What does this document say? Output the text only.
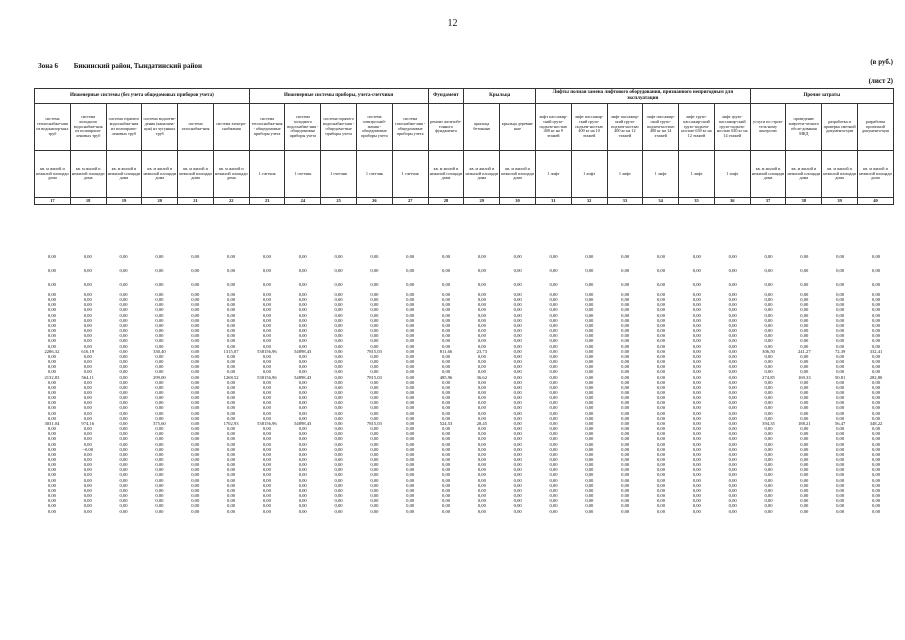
12
(в руб.)
(лист 2)
Зона 6 Бикинский район, Тындатинский район
Инженерные системы (без учета общедомовых приборов учета)						Инженерные системы приборы, учета-счетчики					Фундамент	Крыльца		Лифты полная замена лифтового оборудования, признанного непригодным для эксплуатации						Прочие затраты			
система теплоснабже-ния из водонапор-ных труб	система холодного водоснабже-ния из полипропи-леновых труб	система горячего водоснабже-ния из полипропи-леновых труб	система водоотве-дения (канализа-ция) из чугунных труб	система газоснабже-ния	система электро-снабжения	система теплоснабже-ния - общедомовые приборы учета	система холодного водоснабже-ния - общедомовые приборы учета	система горячего водоснабже-ния - общедомо-вые приборы учета	система электроснаб-жения - общедомовые приборы учета	система газоснабже-ния - общедомовые приборы учета	ремонт железобе-тонного фундамента	крыльца бетонные	крыльца деревян-ные	лифт пассажир-ский грузо-подъем-ностью 400 кг на 9 этажей	лифт пассажир-ский грузо-подъем-ностью 400 кг на 10 этажей	лифт пассажир-ский грузо-подъем-ностью 400 кг на 12 этажей	лифт пассажир-ский грузо-подъем-ностью 400 кг на 14 этажей	лифт грузо-пассажир-ский грузо-подъем-ностью 630 кг на 12 этажей	лифт грузо-пассажир-ский грузо-подъем-ностью 630 кг на 14 этажей	услуги по строи-тель-ному контролю	проведение энергети-ческого обсле-дования МКД	разработка и проверка сметной документа-ции	разработка проектной документа-ции
кв. м жилой и нежилой площади дома	кв. м жилой и нежилой площади дома	кв. м жилой и нежилой площади дома	кв. м жилой и нежилой площади дома	кв. м жилой и нежилой площади дома	кв. м жилой и нежилой площади дома	1 счетчик	1 счетчик	1 счетчик	1 счетчик	1 счетчик	кв. м жилой и нежилой площади дома	кв. м жилой и нежилой площади дома	кв. м жилой и нежилой площади дома	1 лифт	1 лифт	1 лифт	1 лифт	1 лифт	1 лифт	кв. м жилой и нежилой площади дома	кв. м жилой и нежилой площади дома	кв. м жилой и нежилой площади дома	кв. м жилой и нежилой площади дома
17	18	19	20	21	22	23	24	25	26	27	28	29	30	31	32	33	34	35	36	37	38	39	40
0,00	0,00	0,00	0,00	0,00	0,00	0,00	0,00	0,00	0,00	0,00	0,00	0,00	0,00	0,00	0,00	0,00	0,00	0,00	0,00	0,00	0,00	0,00	0,00
0,00	0,00	0,00	0,00	0,00	0,00	0,00	0,00	0,00	0,00	0,00	0,00	0,00	0,00	0,00	0,00	0,00	0,00	0,00	0,00	0,00	0,00	0,00	0,00
0,00	0,00	0,00	0,00	0,00	0,00	0,00	0,00	0,00	0,00	0,00	0,00	0,00	0,00	0,00	0,00	0,00	0,00	0,00	0,00	0,00	0,00	0,00	0,00
0,00	0,00	0,00	0,00	0,00	0,00	0,00	0,00	0,00	0,00	0,00	0,00	0,00	0,00	0,00	0,00	0,00	0,00	0,00	0,00	0,00	0,00	0,00	0,00
0,00	0,00	0,00	0,00	0,00	0,00	0,00	0,00	0,00	0,00	0,00	0,00	0,00	0,00	0,00	0,00	0,00	0,00	0,00	0,00	0,00	0,00	0,00	0,00
0,00	0,00	0,00	0,00	0,00	0,00	0,00	0,00	0,00	0,00	0,00	0,00	0,00	0,00	0,00	0,00	0,00	0,00	0,00	0,00	0,00	0,00	0,00	0,00
0,00	0,00	0,00	0,00	0,00	0,00	0,00	0,00	0,00	0,00	0,00	0,00	0,00	0,00	0,00	0,00	0,00	0,00	0,00	0,00	0,00	0,00	0,00	0,00
0,00	0,00	0,00	0,00	0,00	0,00	0,00	0,00	0,00	0,00	0,00	0,00	0,00	0,00	0,00	0,00	0,00	0,00	0,00	0,00	0,00	0,00	0,00	0,00
0,00	0,00	0,00	0,00	0,00	0,00	0,00	0,00	0,00	0,00	0,00	0,00	0,00	0,00	0,00	0,00	0,00	0,00	0,00	0,00	0,00	0,00	0,00	0,00
0,00	0,00	0,00	0,00	0,00	0,00	0,00	0,00	0,00	0,00	0,00	0,00	0,00	0,00	0,00	0,00	0,00	0,00	0,00	0,00	0,00	0,00	0,00	0,00
0,00	0,00	0,00	0,00	0,00	0,00	0,00	0,00	0,00	0,00	0,00	0,00	0,00	0,00	0,00	0,00	0,00	0,00	0,00	0,00	0,00	0,00	0,00	0,00
0,00	0,00	0,00	0,00	0,00	0,00	0,00	0,00	0,00	0,00	0,00	0,00	0,00	0,00	0,00	0,00	0,00	0,00	0,00	0,00	0,00	0,00	0,00	0,00
0,00	0,00	0,00	0,00	0,00	0,00	0,00	0,00	0,00	0,00	0,00	0,00	0,00	0,00	0,00	0,00	0,00	0,00	0,00	0,00	0,00	0,00	0,00	0,00
0,00	0,00	0,00	0,00	0,00	0,00	0,00	0,00	0,00	0,00	0,00	0,00	0,00	0,00	0,00	0,00	0,00	0,00	0,00	0,00	0,00	0,00	0,00	0,00
2286,32	616,19	0,00	330,40	0,00	1315,07	538156,96	54898,43	0,00	7815,03	0,00	811,66	23,73	0,00	0,00	0,00	0,00	0,00	0,00	0,00	306,50	241,27	72,39	332,41
0,00	0,00	0,00	0,00	0,00	0,00	0,00	0,00	0,00	0,00	0,00	0,00	0,00	0,00	0,00	0,00	0,00	0,00	0,00	0,00	0,00	0,00	0,00	0,00
0,00	0,00	0,00	0,00	0,00	0,00	0,00	0,00	0,00	0,00	0,00	0,00	0,00	0,00	0,00	0,00	0,00	0,00	0,00	0,00	0,00	0,00	0,00	0,00
0,00	0,00	0,00	0,00	0,00	0,00	0,00	0,00	0,00	0,00	0,00	0,00	0,00	0,00	0,00	0,00	0,00	0,00	0,00	0,00	0,00	0,00	0,00	0,00
0,00	0,00	0,00	0,00	0,00	0,00	0,00	0,00	0,00	0,00	0,00	0,00	0,00	0,00	0,00	0,00	0,00	0,00	0,00	0,00	0,00	0,00	0,00	0,00
2132,83	564,11	0,00	299,00	0,00	1268,52	538156,96	54898,43	0,00	7815,03	0,00	485,96	36,62	0,00	0,00	0,00	0,00	0,00	0,00	0,00	274,85	169,33	50,81	282,80
0,00	0,00	0,00	0,00	0,00	0,00	0,00	0,00	0,00	0,00	0,00	0,00	0,00	0,00	0,00	0,00	0,00	0,00	0,00	0,00	0,00	0,00	0,00	0,00
0,00	0,00	0,00	0,00	0,00	0,00	0,00	0,00	0,00	0,00	0,00	0,00	0,00	0,00	0,00	0,00	0,00	0,00	0,00	0,00	0,00	0,00	0,00	0,00
0,00	0,00	0,00	0,00	0,00	0,00	0,00	0,00	0,00	0,00	0,00	0,00	0,00	0,00	0,00	0,00	0,00	0,00	0,00	0,00	0,00	0,00	0,00	0,00
0,00	0,00	0,00	0,00	0,00	0,00	0,00	0,00	0,00	0,00	0,00	0,00	0,00	0,00	0,00	0,00	0,00	0,00	0,00	0,00	0,00	0,00	0,00	0,00
0,00	0,00	0,00	0,00	0,00	0,00	0,00	0,00	0,00	0,00	0,00	0,00	0,00	0,00	0,00	0,00	0,00	0,00	0,00	0,00	0,00	0,00	0,00	0,00
0,00	0,00	0,00	0,00	0,00	0,00	0,00	0,00	0,00	0,00	0,00	0,00	0,00	0,00	0,00	0,00	0,00	0,00	0,00	0,00	0,00	0,00	0,00	0,00
0,00	0,00	0,00	0,00	0,00	0,00	0,00	0,00	0,00	0,00	0,00	0,00	0,00	0,00	0,00	0,00	0,00	0,00	0,00	0,00	0,00	0,00	0,00	0,00
0,00	0,00	0,00	0,00	0,00	0,00	0,00	0,00	0,00	0,00	0,00	0,00	0,00	0,00	0,00	0,00	0,00	0,00	0,00	0,00	0,00	0,00	0,00	0,00
3031,04	974,16	0,00	375,60	0,00	1702,93	538156,96	54898,43	0,00	7815,03	0,00	524,53	28,45	0,00	0,00	0,00	0,00	0,00	0,00	0,00	394,35	188,21	56,47	348,22
0,00	0,00	0,00	0,00	0,00	0,00	0,00	0,00	0,00	0,00	0,00	0,00	0,00	0,00	0,00	0,00	0,00	0,00	0,00	0,00	0,00	0,00	0,00	0,00
0,00	0,00	0,00	0,00	0,00	0,00	0,00	0,00	0,00	0,00	0,00	0,00	0,00	0,00	0,00	0,00	0,00	0,00	0,00	0,00	0,00	0,00	0,00	0,00
0,00	0,00	0,00	0,00	0,00	0,00	0,00	0,00	0,00	0,00	0,00	0,00	0,00	0,00	0,00	0,00	0,00	0,00	0,00	0,00	0,00	0,00	0,00	0,00
0,00	0,00	0,00	0,00	0,00	0,00	0,00	0,00	0,00	0,00	0,00	0,00	0,00	0,00	0,00	0,00	0,00	0,00	0,00	0,00	0,00	0,00	0,00	0,00
0,00	~0,00	0,00	0,00	0,00	0,00	0,00	0,00	0,00	0,00	0,00	0,00	0,00	0,00	0,00	0,00	0,00	0,00	0,00	0,00	0,00	0,00	0,00	0,00
0,00	0,00	0,00	0,00	0,00	0,00	0,00	0,00	0,00	0,00	0,00	0,00	0,00	0,00	0,00	0,00	0,00	0,00	0,00	0,00	0,00	0,00	0,00	0,00
0,00	0,00	0,00	0,00	0,00	0,00	0,00	0,00	0,00	0,00	0,00	0,00	0,00	0,00	0,00	0,00	0,00	0,00	0,00	0,00	0,00	0,00	0,00	0,00
0,00	0,00	0,00	0,00	0,00	0,00	0,00	0,00	0,00	0,00	0,00	0,00	0,00	0,00	0,00	0,00	0,00	0,00	0,00	0,00	0,00	0,00	0,00	0,00
0,00	0,00	0,00	0,00	0,00	0,00	0,00	0,00	0,00	0,00	0,00	0,00	0,00	0,00	0,00	0,00	0,00	0,00	0,00	0,00	0,00	0,00	0,00	0,00
0,00	0,00	0,00	0,00	0,00	0,00	0,00	0,00	0,00	0,00	0,00	0,00	0,00	0,00	0,00	0,00	0,00	0,00	0,00	0,00	0,00	0,00	0,00	0,00
0,00	0,00	0,00	0,00	0,00	0,00	0,00	0,00	0,00	0,00	0,00	0,00	0,00	0,00	0,00	0,00	0,00	0,00	0,00	0,00	0,00	0,00	0,00	0,00
0,00	0,00	0,00	0,00	0,00	0,00	0,00	0,00	0,00	0,00	0,00	0,00	0,00	0,00	0,00	0,00	0,00	0,00	0,00	0,00	0,00	0,00	0,00	0,00
0,00	0,00	0,00	0,00	0,00	0,00	0,00	0,00	0,00	0,00	0,00	0,00	0,00	0,00	0,00	0,00	0,00	0,00	0,00	0,00	0,00	0,00	0,00	0,00
0,00	0,00	0,00	0,00	0,00	0,00	0,00	0,00	0,00	0,00	0,00	0,00	0,00	0,00	0,00	0,00	0,00	0,00	0,00	0,00	0,00	0,00	0,00	0,00
0,00	0,00	0,00	0,00	0,00	0,00	0,00	0,00	0,00	0,00	0,00	0,00	0,00	0,00	0,00	0,00	0,00	0,00	0,00	0,00	0,00	0,00	0,00	0,00
0,00	0,00	0,00	0,00	0,00	0,00	0,00	0,00	0,00	0,00	0,00	0,00	0,00	0,00	0,00	0,00	0,00	0,00	0,00	0,00	0,00	0,00	0,00	0,00
0,00	0,00	0,00	0,00	0,00	0,00	0,00	0,00	0,00	0,00	0,00	0,00	0,00	0,00	0,00	0,00	0,00	0,00	0,00	0,00	0,00	0,00	0,00	0,00
